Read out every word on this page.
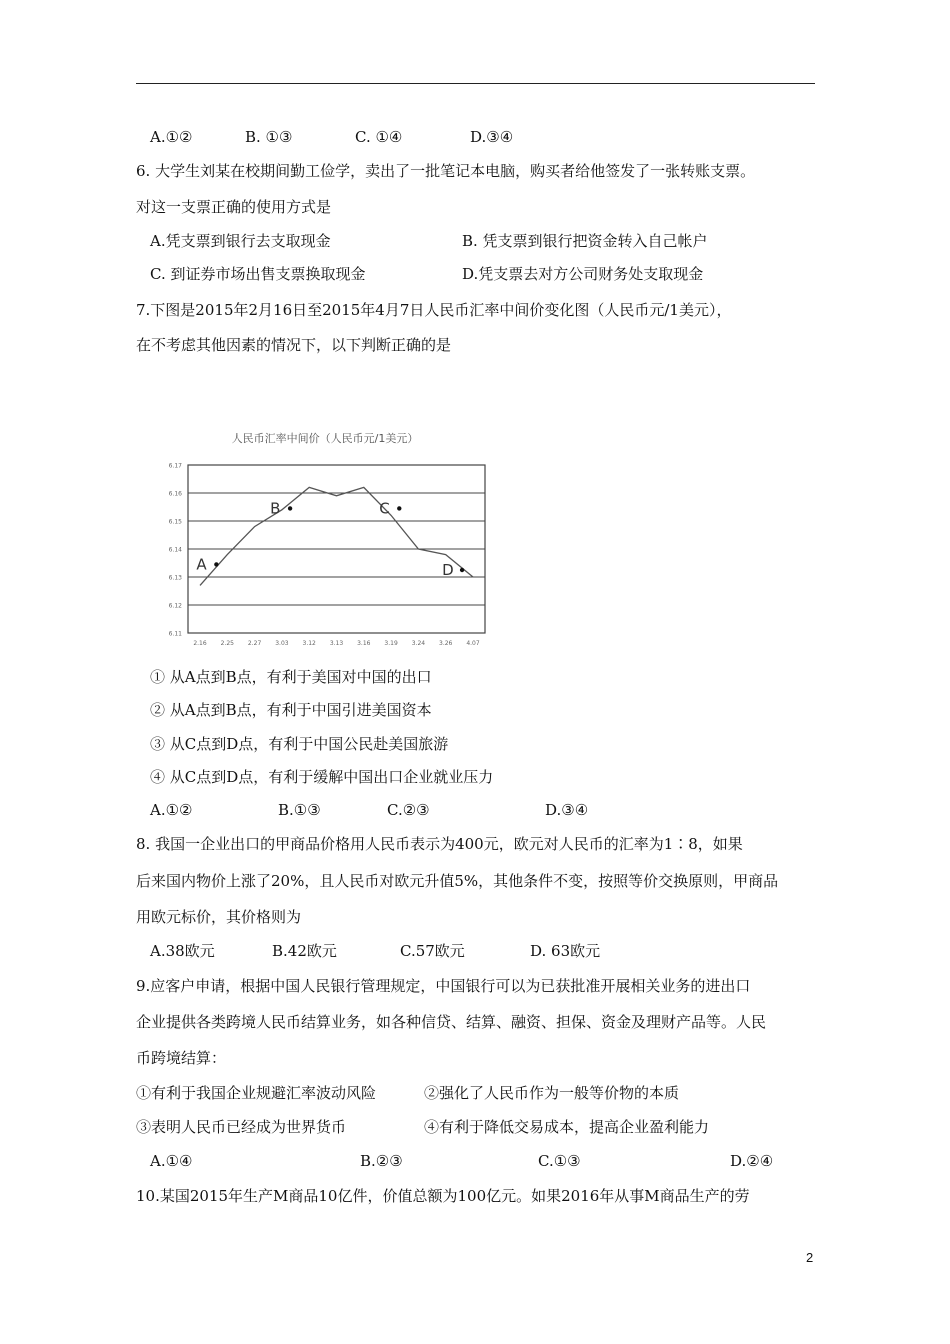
A.①②	B. ①③	C. ①④	D.③④
6. 大学生刘某在校期间勤工俭学，卖出了一批笔记本电脑，购买者给他签发了一张转账支票。
对这一支票正确的使用方式是
A.凭支票到银行去支取现金	B. 凭支票到银行把资金转入自己帐户
C. 到证券市场出售支票换取现金	D.凭支票去对方公司财务处支取现金
7.下图是2015年2月16日至2015年4月7日人民币汇率中间价变化图（人民币元/1美元），
在不考虑其他因素的情况下，以下判断正确的是
人民币汇率中间价（人民币元/1美元）
6.17
6.16
6.15
6.14
6.13
6.12
6.11
2.16 2.25 2.27 3.03 3.12 3.13 3.16 3.19 3.24 3.26 4.07
A
B	C
D
① 从A点到B点，有利于美国对中国的出口
② 从A点到B点，有利于中国引进美国资本
③ 从C点到D点，有利于中国公民赴美国旅游
④ 从C点到D点，有利于缓解中国出口企业就业压力
A.①②	B.①③	C.②③	D.③④
8. 我国一企业出口的甲商品价格用人民币表示为400元，欧元对人民币的汇率为1∶8，如果
后来国内物价上涨了20%，且人民币对欧元升值5%，其他条件不变，按照等价交换原则，甲商品
用欧元标价，其价格则为
A.38欧元	B.42欧元	C.57欧元	D. 63欧元
9.应客户申请，根据中国人民银行管理规定，中国银行可以为已获批准开展相关业务的进出口
企业提供各类跨境人民币结算业务，如各种信贷、结算、融资、担保、资金及理财产品等。人民
币跨境结算：
①有利于我国企业规避汇率波动风险	②强化了人民币作为一般等价物的本质
③表明人民币已经成为世界货币	④有利于降低交易成本，提高企业盈利能力
A.①④	B.②③	C.①③	D.②④
10.某国2015年生产M商品10亿件，价值总额为100亿元。如果2016年从事M商品生产的劳
2
